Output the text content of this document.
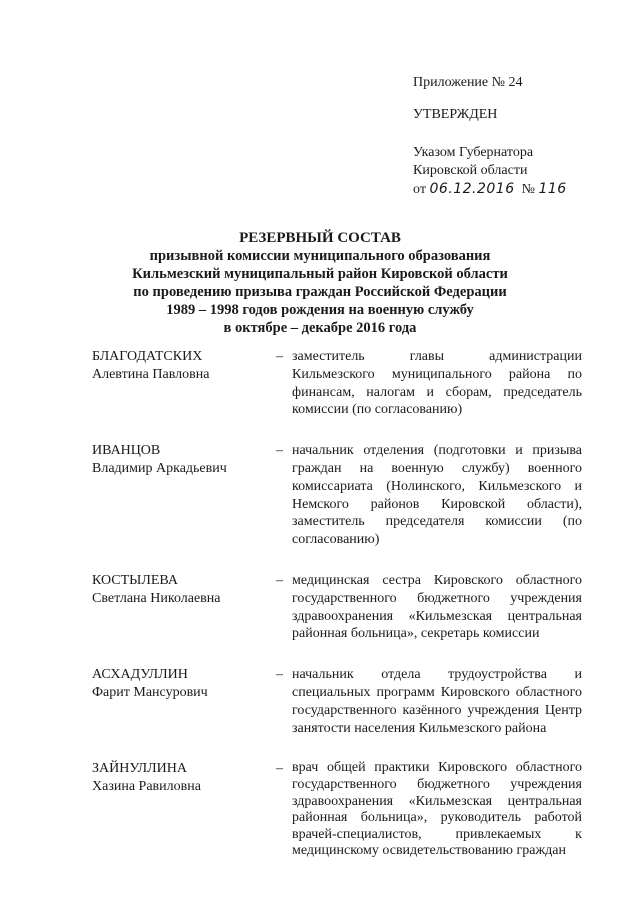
Приложение № 24
УТВЕРЖДЕН
Указом Губернатора
Кировской области
от 06.12.2016 № 116
РЕЗЕРВНЫЙ СОСТАВ
призывной комиссии муниципального образования
Кильмезский муниципальный район Кировской области
по проведению призыва граждан Российской Федерации
1989 – 1998 годов рождения на военную службу
в октябре – декабре 2016 года
БЛАГОДАТСКИХ
Алевтина Павловна
– заместитель главы администрации Кильмезского муниципального района по финансам, налогам и сборам, председатель комиссии (по согласованию)
ИВАНЦОВ
Владимир Аркадьевич
– начальник отделения (подготовки и призыва граждан на военную службу) военного комиссариата (Нолинского, Кильмезского и Немского районов Кировской области), заместитель председателя комиссии (по согласованию)
КОСТЫЛЕВА
Светлана Николаевна
– медицинская сестра Кировского областного государственного бюджетного учреждения здравоохранения «Кильмезская центральная районная больница», секретарь комиссии
АСХАДУЛЛИН
Фарит Мансурович
– начальник отдела трудоустройства и специальных программ Кировского областного государственного казённого учреждения Центр занятости населения Кильмезского района
ЗАЙНУЛЛИНА
Хазина Равиловна
– врач общей практики Кировского областного государственного бюджетного учреждения здравоохранения «Кильмезская центральная районная больница», руководитель работой врачей-специалистов, привлекаемых к медицинскому освидетельствованию граждан
